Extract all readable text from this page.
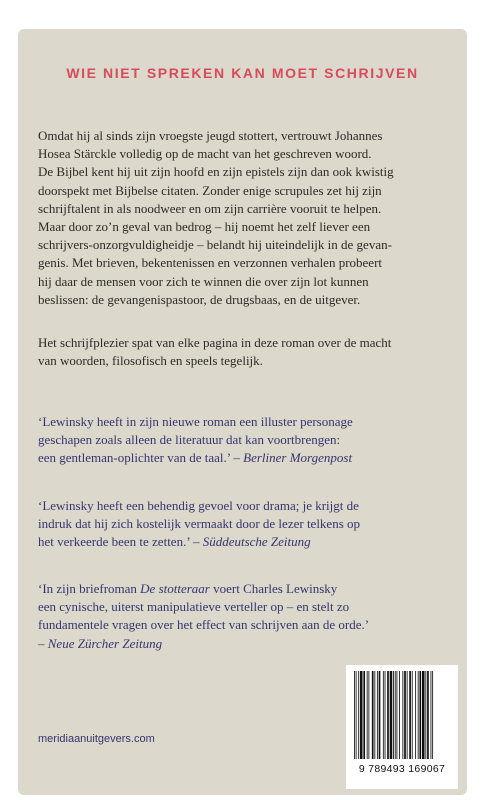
WIE NIET SPREKEN KAN MOET SCHRIJVEN

Omdat hij al sinds zijn vroegste jeugd stottert, vertrouwt Johannes
Hosea Stärckle volledig op de macht van het geschreven woord.
De Bijbel kent hij uit zijn hoofd en zijn epistels zijn dan ook kwistig
doorspekt met Bijbelse citaten. Zonder enige scrupules zet hij zijn
schrijftalent in als noodweer en om zijn carrière vooruit te helpen.
Maar door zo’n geval van bedrog – hij noemt het zelf liever een
schrijvers-onzorgvuldigheidje – belandt hij uiteindelijk in de gevan-
genis. Met brieven, bekentenissen en verzonnen verhalen probeert
hij daar de mensen voor zich te winnen die over zijn lot kunnen
beslissen: de gevangenispastoor, de drugsbaas, en de uitgever.

Het schrijfplezier spat van elke pagina in deze roman over de macht
van woorden, filosofisch en speels tegelijk.

‘Lewinsky heeft in zijn nieuwe roman een illuster personage
geschapen zoals alleen de literatuur dat kan voortbrengen:
een gentleman-oplichter van de taal.’ – Berliner Morgenpost

‘Lewinsky heeft een behendig gevoel voor drama; je krijgt de
indruk dat hij zich kostelijk vermaakt door de lezer telkens op
het verkeerde been te zetten.’ – Süddeutsche Zeitung

‘In zijn briefroman De stotteraar voert Charles Lewinsky
een cynische, uiterst manipulatieve verteller op – en stelt zo
fundamentele vragen over het effect van schrijven aan de orde.’
– Neue Zürcher Zeitung

meridiaanuitgevers.com
9 789493 169067
